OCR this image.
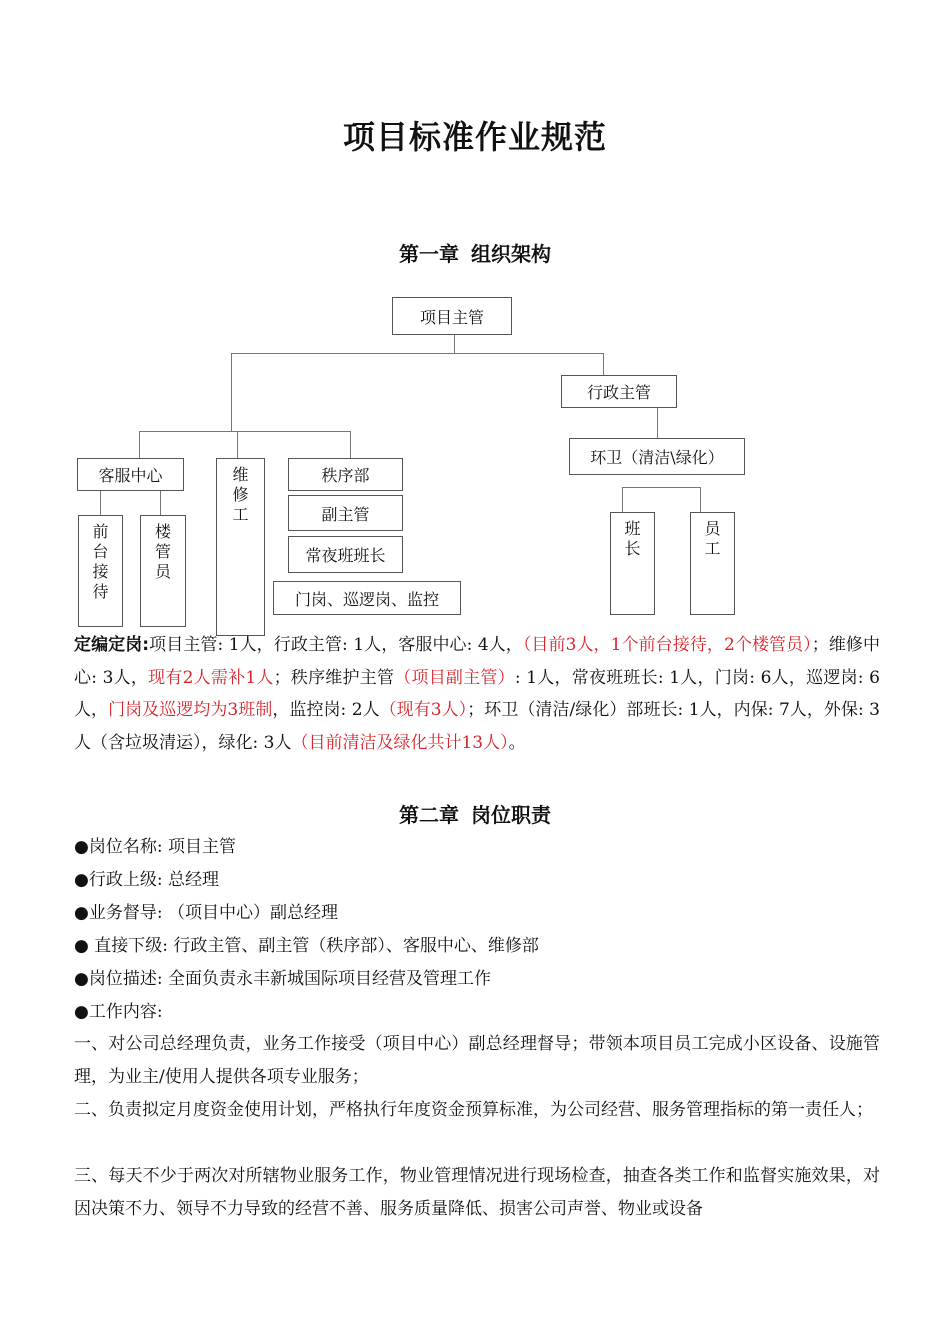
项目标准作业规范
第一章 组织架构
项目主管
行政主管
环卫（清洁\绿化）
班长
员工
客服中心
前台接待
楼管员
维修工
秩序部
副主管
常夜班班长
门岗、巡逻岗、监控
定编定岗:项目主管: 1人，行政主管: 1人，客服中心: 4人，（目前3人，1个前台接待，2个楼管员）；维修中心: 3人，现有2人需补1人；秩序维护主管（项目副主管）: 1人，常夜班班长: 1人，门岗: 6人，巡逻岗: 6人，门岗及巡逻均为3班制，监控岗: 2人（现有3人）；环卫（清洁/绿化）部班长: 1人，内保: 7人，外保: 3人（含垃圾清运），绿化: 3人（目前清洁及绿化共计13人）。
第二章 岗位职责
●岗位名称: 项目主管
●行政上级: 总经理
●业务督导: （项目中心）副总经理
● 直接下级: 行政主管、副主管（秩序部）、客服中心、维修部
●岗位描述: 全面负责永丰新城国际项目经营及管理工作
●工作内容:
一、对公司总经理负责，业务工作接受（项目中心）副总经理督导；带领本项目员工完成小区设备、设施管理，为业主/使用人提供各项专业服务；
二、负责拟定月度资金使用计划，严格执行年度资金预算标准，为公司经营、服务管理指标的第一责任人；
三、每天不少于两次对所辖物业服务工作，物业管理情况进行现场检查，抽查各类工作和监督实施效果，对因决策不力、领导不力导致的经营不善、服务质量降低、损害公司声誉、物业或设备
